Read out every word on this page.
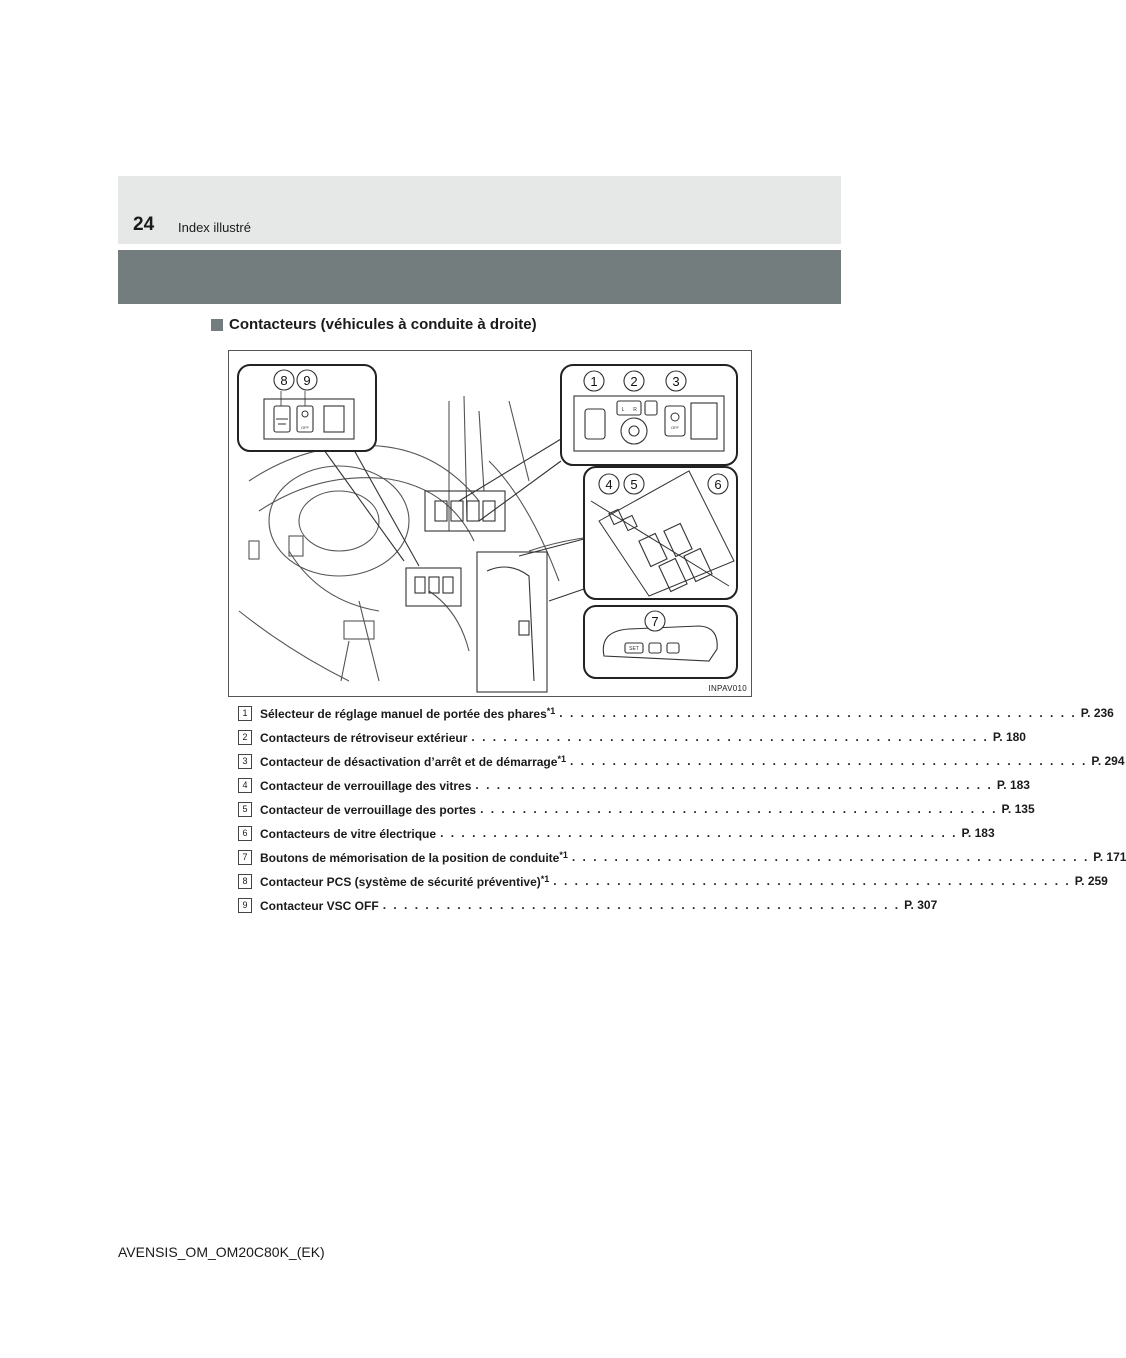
24 Index illustré
Contacteurs (véhicules à conduite à droite)
OFF
8 9
L R
OFF
1	2	3
4 5	6
SET
7
INPAV010
1	Sélecteur de réglage manuel de portée des phares$^{*1}$ . . . . . . . . . . . . . . . . . . . . . . . . . . . . . . . . . . . . . . . . . . . . . . . . . P. 236
2	Contacteurs de rétroviseur extérieur . . . . . . . . . . . . . . . . . . . . . . . . . . . . . . . . . . . . . . . . . . . . . . . . . P. 180
3	Contacteur de désactivation d’arrêt et de démarrage$^{*1}$ . . . . . . . . . . . . . . . . . . . . . . . . . . . . . . . . . . . . . . . . . . . . . . . . . P. 294
4	Contacteur de verrouillage des vitres . . . . . . . . . . . . . . . . . . . . . . . . . . . . . . . . . . . . . . . . . . . . . . . . . P. 183
5	Contacteur de verrouillage des portes . . . . . . . . . . . . . . . . . . . . . . . . . . . . . . . . . . . . . . . . . . . . . . . . . P. 135
6	Contacteurs de vitre électrique . . . . . . . . . . . . . . . . . . . . . . . . . . . . . . . . . . . . . . . . . . . . . . . . . P. 183
7	Boutons de mémorisation de la position de conduite$^{*1}$ . . . . . . . . . . . . . . . . . . . . . . . . . . . . . . . . . . . . . . . . . . . . . . . . . P. 171
8	Contacteur PCS (système de sécurité préventive)$^{*1}$ . . . . . . . . . . . . . . . . . . . . . . . . . . . . . . . . . . . . . . . . . . . . . . . . . P. 259
9	Contacteur VSC OFF . . . . . . . . . . . . . . . . . . . . . . . . . . . . . . . . . . . . . . . . . . . . . . . . . P. 307
AVENSIS_OM_OM20C80K_(EK)
